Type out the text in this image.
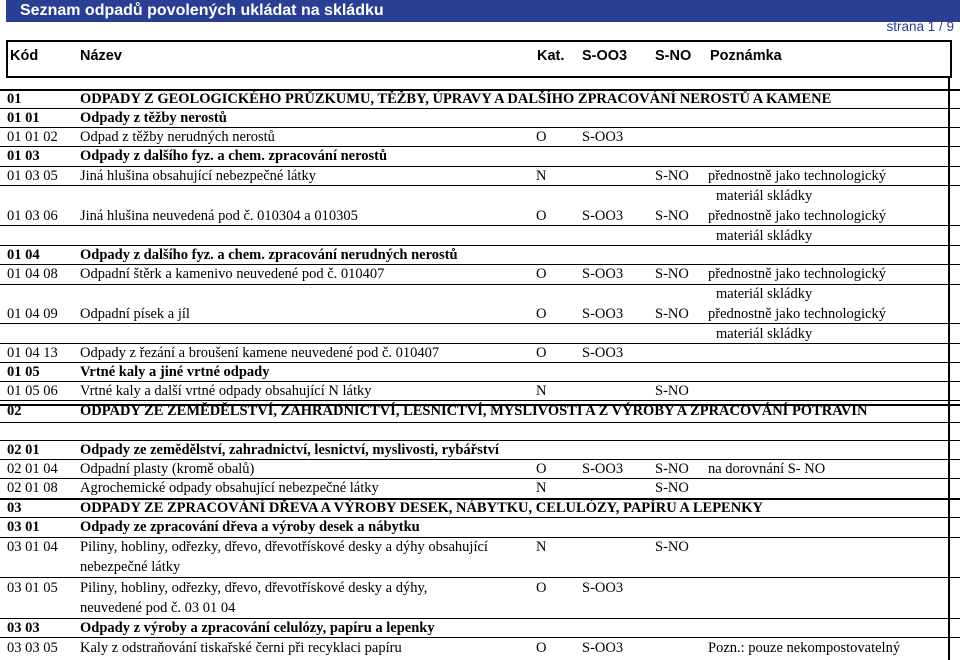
Seznam odpadů povolených ukládat na skládku	Příloha č.1 provozního řádu
strana 1 / 9
Kód	Název	Kat. S-OO3 S-NO Poznámka
01	ODPADY Z GEOLOGICKÉHO PRŮZKUMU, TĚŽBY, ÚPRAVY A DALŠÍHO ZPRACOVÁNÍ NEROSTŮ A KAMENE
01 01	Odpady z těžby nerostů
01 01 02 Odpad z těžby nerudných nerostů	O S-OO3
01 03	Odpady z dalšího fyz. a chem. zpracování nerostů
01 03 05 Jiná hlušina obsahující nebezpečné látky	N	S-NO přednostně jako technologický
materiál skládky
01 03 06 Jiná hlušina neuvedená pod č. 010304 a 010305	O S-OO3 S-NO přednostně jako technologický
materiál skládky
01 04	Odpady z dalšího fyz. a chem. zpracování nerudných nerostů
01 04 08 Odpadní štěrk a kamenivo neuvedené pod č. 010407	O S-OO3 S-NO přednostně jako technologický
materiál skládky
01 04 09 Odpadní písek a jíl	O S-OO3 S-NO přednostně jako technologický
materiál skládky
01 04 13 Odpady z řezání a broušení kamene neuvedené pod č. 010407	O S-OO3
01 05	Vrtné kaly a jiné vrtné odpady
01 05 06 Vrtné kaly a další vrtné odpady obsahující N látky	N	S-NO
02	ODPADY ZE ZEMĚDĚLSTVÍ, ZAHRADNICTVÍ, LESNICTVÍ, MYSLIVOSTI A Z VÝROBY A ZPRACOVÁNÍ POTRAVIN
02 01	Odpady ze zemědělství, zahradnictví, lesnictví, myslivosti, rybářství
02 01 04 Odpadní plasty (kromě obalů)	O S-OO3 S-NO na dorovnání S- NO
02 01 08 Agrochemické odpady obsahující nebezpečné látky	N	S-NO
03	ODPADY ZE ZPRACOVÁNÍ DŘEVA A VÝROBY DESEK, NÁBYTKU, CELULÓZY, PAPÍRU A LEPENKY
03 01	Odpady ze zpracování dřeva a výroby desek a nábytku
03 01 04 Piliny, hobliny, odřezky, dřevo, dřevotřískové desky a dýhy obsahující
nebezpečné látky
N	S-NO
03 01 05 Piliny, hobliny, odřezky, dřevo, dřevotřískové desky a dýhy,
neuvedené pod č. 03 01 04
O S-OO3
03 03	Odpady z výroby a zpracování celulózy, papíru a lepenky
03 03 05 Kaly z odstraňování tiskařské černi při recyklaci papíru	O S-OO3	Pozn.: pouze nekompostovatelný
